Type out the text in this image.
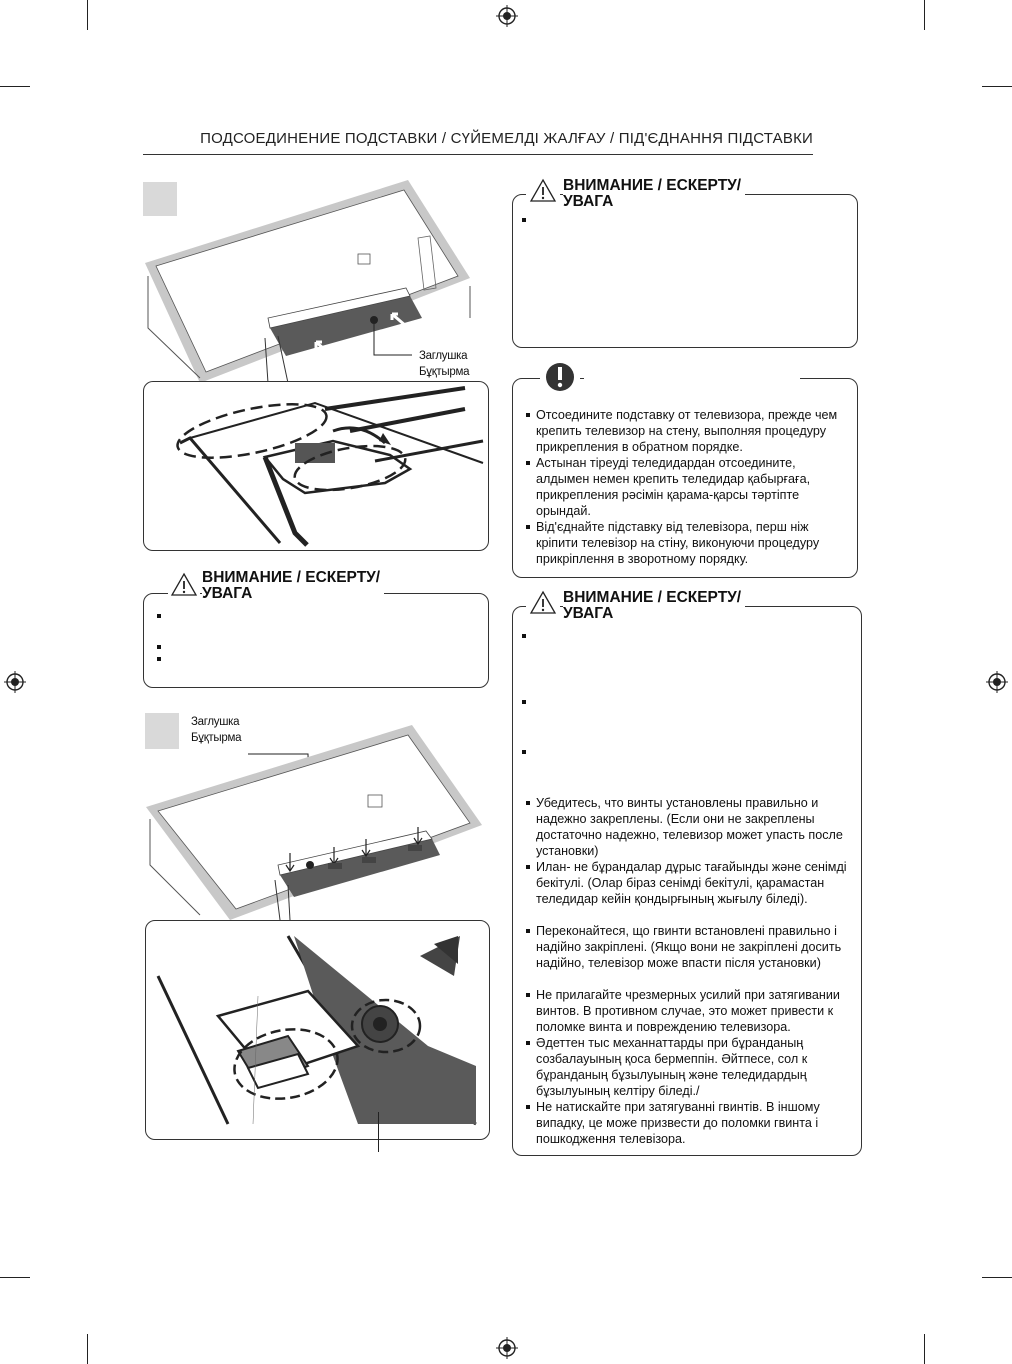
ПОДСОЕДИНЕНИЕ ПОДСТАВКИ / СҮЙЕМЕЛДІ ЖАЛҒАУ / ПІД'ЄДНАННЯ ПІДСТАВКИ
Заглушка
Бұқтырма
ВНИМАНИЕ / ЕСКЕРТУ/
УВАГА
Заглушка
Бұқтырма
ВНИМАНИЕ / ЕСКЕРТУ/
УВАГА
Отсоедините подставку от телевизора, прежде чем крепить телевизор на стену, выполняя процедуру прикрепления в обратном порядке.
Астынан тірeуді теледидардан отсоедините, алдымен немен крепить теледидар қабырғаға, прикрепления рәсімін қарама-қарсы тәртіпте орындай.
Від'єднайте підставку від телевізора, перш ніж кріпити телевізор на стіну, виконуючи процедуру прикріплення в зворотному порядку.
ВНИМАНИЕ / ЕСКЕРТУ/
УВАГА
Убедитесь, что винты установлены правильно и надежно закреплены. (Если они не закреплены достаточно надежно, телевизор может упасть после установки)
Илан- не бұрандалар дұрыс тағайынды және сенімді бекітулі. (Олар біраз сенімді бекітулі, қарамастан теледидар кейін қондырғының жығылу біледі).
Переконайтеся, що гвинти встановлені правильно і надійно закріплені. (Якщо вони не закріплені досить надійно, телевізор може впасти після установки)
Не прилагайте чрезмерных усилий при затягивании винтов. В противном случае, это может привести к поломке винта и повреждению телевизора.
Әдеттен тыс механнаттарды при бұранданың созбалауының қоса бермеппін. Әйтпесе, сол к бұранданың бұзылуының және теледидардың бұзылуының келтіру біледі./
Не натискайте при затягуванні гвинтів. В іншому випадку, це може призвести до поломки гвинта і пошкодження телевізора.
